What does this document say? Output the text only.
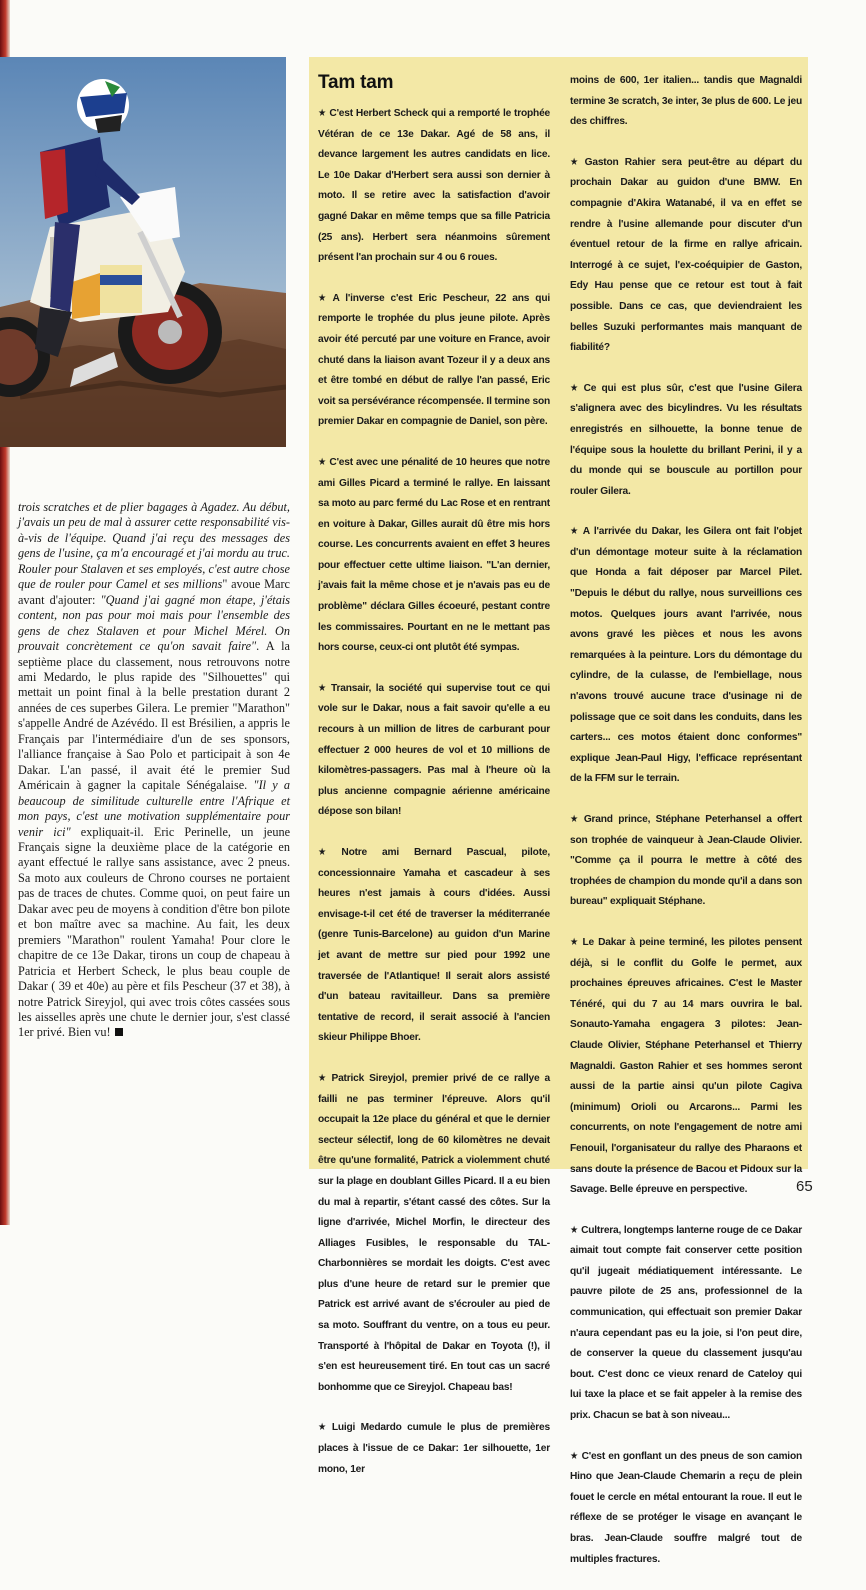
trois scratches et de plier bagages à Agadez. Au début, j'avais un peu de mal à assurer cette responsabilité vis-à-vis de l'équipe. Quand j'ai reçu des messages des gens de l'usine, ça m'a encouragé et j'ai mordu au truc. Rouler pour Stalaven et ses employés, c'est autre chose que de rouler pour Camel et ses millions" avoue Marc avant d'ajouter: "Quand j'ai gagné mon étape, j'étais content, non pas pour moi mais pour l'ensemble des gens de chez Stalaven et pour Michel Mérel. On prouvait concrètement ce qu'on savait faire". A la septième place du classement, nous retrouvons notre ami Medardo, le plus rapide des "Silhouettes" qui mettait un point final à la belle prestation durant 2 années de ces superbes Gilera. Le premier "Marathon" s'appelle André de Azévédo. Il est Brésilien, a appris le Français par l'intermédiaire d'un de ses sponsors, l'alliance française à Sao Polo et participait à son 4e Dakar. L'an passé, il avait été le premier Sud Américain à gagner la capitale Sénégalaise. "Il y a beaucoup de similitude culturelle entre l'Afrique et mon pays, c'est une motivation supplémentaire pour venir ici" expliquait-il. Eric Perinelle, un jeune Français signe la deuxième place de la catégorie en ayant effectué le rallye sans assistance, avec 2 pneus. Sa moto aux couleurs de Chrono courses ne portaient pas de traces de chutes. Comme quoi, on peut faire un Dakar avec peu de moyens à condition d'être bon pilote et bon maître avec sa machine. Au fait, les deux premiers "Marathon" roulent Yamaha! Pour clore le chapitre de ce 13e Dakar, tirons un coup de chapeau à Patricia et Herbert Scheck, le plus beau couple de Dakar ( 39 et 40e) au père et fils Pescheur (37 et 38), à notre Patrick Sireyjol, qui avec trois côtes cassées sous les aisselles après une chute le dernier jour, s'est classé 1er privé. Bien vu!

Tam tam

★ C'est Herbert Scheck qui a remporté le trophée Vétéran de ce 13e Dakar. Agé de 58 ans, il devance largement les autres candidats en lice. Le 10e Dakar d'Herbert sera aussi son dernier à moto. Il se retire avec la satisfaction d'avoir gagné Dakar en même temps que sa fille Patricia (25 ans). Herbert sera néanmoins sûrement présent l'an prochain sur 4 ou 6 roues.

★ A l'inverse c'est Eric Pescheur, 22 ans qui remporte le trophée du plus jeune pilote. Après avoir été percuté par une voiture en France, avoir chuté dans la liaison avant Tozeur il y a deux ans et être tombé en début de rallye l'an passé, Eric voit sa persévérance récompensée. Il termine son premier Dakar en compagnie de Daniel, son père.

★ C'est avec une pénalité de 10 heures que notre ami Gilles Picard a terminé le rallye. En laissant sa moto au parc fermé du Lac Rose et en rentrant en voiture à Dakar, Gilles aurait dû être mis hors course. Les concurrents avaient en effet 3 heures pour effectuer cette ultime liaison. "L'an dernier, j'avais fait la même chose et je n'avais pas eu de problème" déclara Gilles écoeuré, pestant contre les commissaires. Pourtant en ne le mettant pas hors course, ceux-ci ont plutôt été sympas.

★ Transair, la société qui supervise tout ce qui vole sur le Dakar, nous a fait savoir qu'elle a eu recours à un million de litres de carburant pour effectuer 2 000 heures de vol et 10 millions de kilomètres-passagers. Pas mal à l'heure où la plus ancienne compagnie aérienne américaine dépose son bilan!

★ Notre ami Bernard Pascual, pilote, concessionnaire Yamaha et cascadeur à ses heures n'est jamais à cours d'idées. Aussi envisage-t-il cet été de traverser la méditerranée (genre Tunis-Barcelone) au guidon d'un Marine jet avant de mettre sur pied pour 1992 une traversée de l'Atlantique! Il serait alors assisté d'un bateau ravitailleur. Dans sa première tentative de record, il serait associé à l'ancien skieur Philippe Bhoer.

★ Patrick Sireyjol, premier privé de ce rallye a failli ne pas terminer l'épreuve. Alors qu'il occupait la 12e place du général et que le dernier secteur sélectif, long de 60 kilomètres ne devait être qu'une formalité, Patrick a violemment chuté sur la plage en doublant Gilles Picard. Il a eu bien du mal à repartir, s'étant cassé des côtes. Sur la ligne d'arrivée, Michel Morfin, le directeur des Alliages Fusibles, le responsable du TAL-Charbonnières se mordait les doigts. C'est avec plus d'une heure de retard sur le premier que Patrick est arrivé avant de s'écrouler au pied de sa moto. Souffrant du ventre, on a tous eu peur. Transporté à l'hôpital de Dakar en Toyota (!), il s'en est heureusement tiré. En tout cas un sacré bonhomme que ce Sireyjol. Chapeau bas!

★ Luigi Medardo cumule le plus de premières places à l'issue de ce Dakar: 1er silhouette, 1er mono, 1er

moins de 600, 1er italien... tandis que Magnaldi termine 3e scratch, 3e inter, 3e plus de 600. Le jeu des chiffres.

★ Gaston Rahier sera peut-être au départ du prochain Dakar au guidon d'une BMW. En compagnie d'Akira Watanabé, il va en effet se rendre à l'usine allemande pour discuter d'un éventuel retour de la firme en rallye africain. Interrogé à ce sujet, l'ex-coéquipier de Gaston, Edy Hau pense que ce retour est tout à fait possible. Dans ce cas, que deviendraient les belles Suzuki performantes mais manquant de fiabilité?

★ Ce qui est plus sûr, c'est que l'usine Gilera s'alignera avec des bicylindres. Vu les résultats enregistrés en silhouette, la bonne tenue de l'équipe sous la houlette du brillant Perini, il y a du monde qui se bouscule au portillon pour rouler Gilera.

★ A l'arrivée du Dakar, les Gilera ont fait l'objet d'un démontage moteur suite à la réclamation que Honda a fait déposer par Marcel Pilet. "Depuis le début du rallye, nous surveillions ces motos. Quelques jours avant l'arrivée, nous avons gravé les pièces et nous les avons remarquées à la peinture. Lors du démontage du cylindre, de la culasse, de l'embiellage, nous n'avons trouvé aucune trace d'usinage ni de polissage que ce soit dans les conduits, dans les carters... ces motos étaient donc conformes" explique Jean-Paul Higy, l'efficace représentant de la FFM sur le terrain.

★ Grand prince, Stéphane Peterhansel a offert son trophée de vainqueur à Jean-Claude Olivier. "Comme ça il pourra le mettre à côté des trophées de champion du monde qu'il a dans son bureau" expliquait Stéphane.

★ Le Dakar à peine terminé, les pilotes pensent déjà, si le conflit du Golfe le permet, aux prochaines épreuves africaines. C'est le Master Ténéré, qui du 7 au 14 mars ouvrira le bal. Sonauto-Yamaha engagera 3 pilotes: Jean-Claude Olivier, Stéphane Peterhansel et Thierry Magnaldi. Gaston Rahier et ses hommes seront aussi de la partie ainsi qu'un pilote Cagiva (minimum) Orioli ou Arcarons... Parmi les concurrents, on note l'engagement de notre ami Fenouil, l'organisateur du rallye des Pharaons et sans doute la présence de Bacou et Pidoux sur la Savage. Belle épreuve en perspective.

★ Cultrera, longtemps lanterne rouge de ce Dakar aimait tout compte fait conserver cette position qu'il jugeait médiatiquement intéressante. Le pauvre pilote de 25 ans, professionnel de la communication, qui effectuait son premier Dakar n'aura cependant pas eu la joie, si l'on peut dire, de conserver la queue du classement jusqu'au bout. C'est donc ce vieux renard de Cateloy qui lui taxe la place et se fait appeler à la remise des prix. Chacun se bat à son niveau...

★ C'est en gonflant un des pneus de son camion Hino que Jean-Claude Chemarin a reçu de plein fouet le cercle en métal entourant la roue. Il eut le réflexe de se protéger le visage en avançant le bras. Jean-Claude souffre malgré tout de multiples fractures.

65
